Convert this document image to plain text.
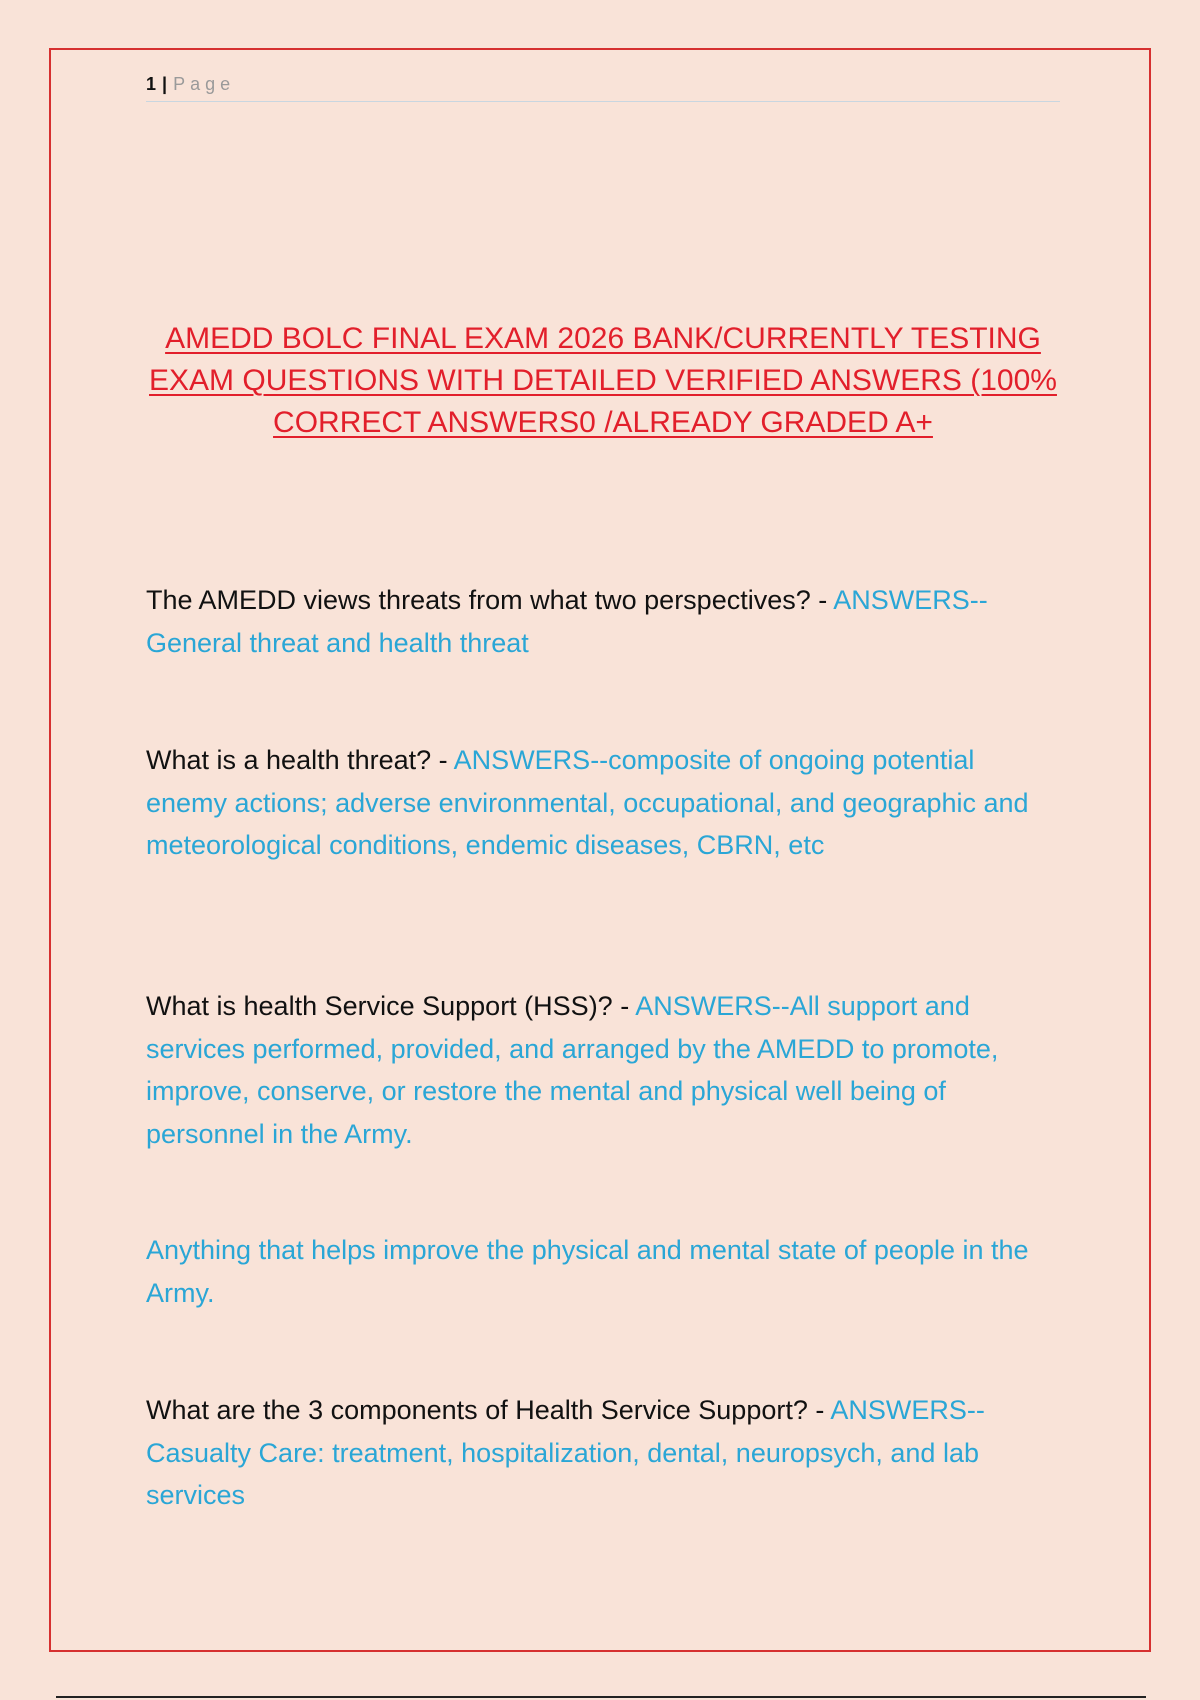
1 | Page
AMEDD BOLC FINAL EXAM 2026 BANK/CURRENTLY TESTING EXAM QUESTIONS WITH DETAILED VERIFIED ANSWERS (100% CORRECT ANSWERS0 /ALREADY GRADED A+
The AMEDD views threats from what two perspectives? - ANSWERS--General threat and health threat
What is a health threat? - ANSWERS--composite of ongoing potential enemy actions; adverse environmental, occupational, and geographic and meteorological conditions, endemic diseases, CBRN, etc
What is health Service Support (HSS)? - ANSWERS--All support and services performed, provided, and arranged by the AMEDD to promote, improve, conserve, or restore the mental and physical well being of personnel in the Army.
Anything that helps improve the physical and mental state of people in the Army.
What are the 3 components of Health Service Support? - ANSWERS--Casualty Care: treatment, hospitalization, dental, neuropsych, and lab services
